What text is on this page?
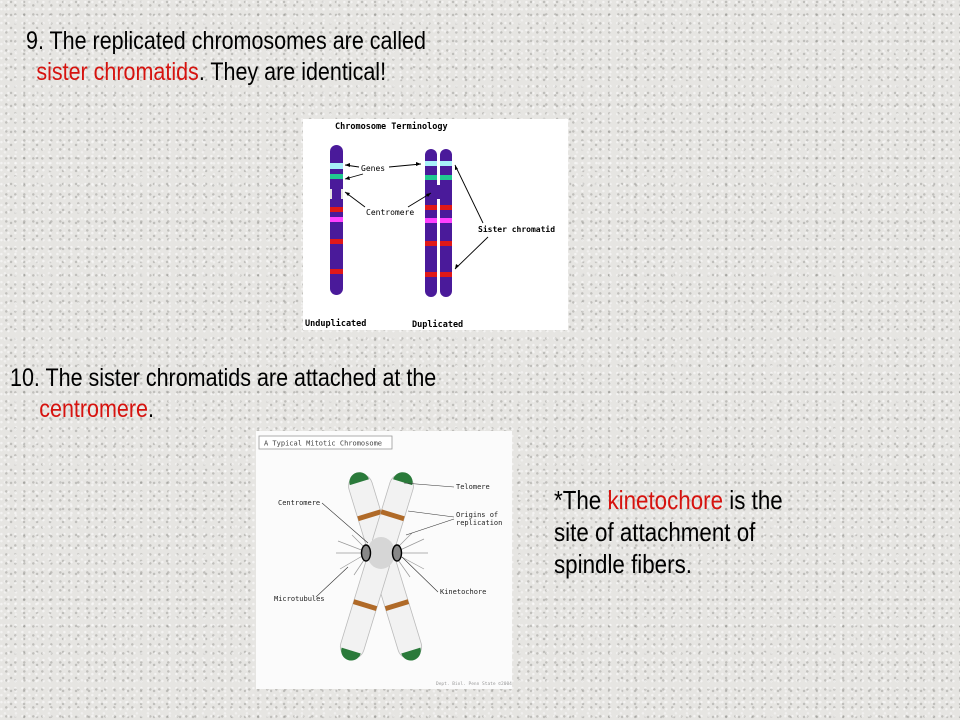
9. The replicated chromosomes are called
sister chromatids. They are identical!
Chromosome Terminology
Genes
Centromere
Sister chromatid
Unduplicated	Duplicated
10. The sister chromatids are attached at the
centromere.
A Typical Mitotic Chromosome
Telomere
Centromere
Origins of
replication
Microtubules
Kinetochore
Dept. Biol. Penn State ©2004
*The kinetochore is the
site of attachment of
spindle fibers.
